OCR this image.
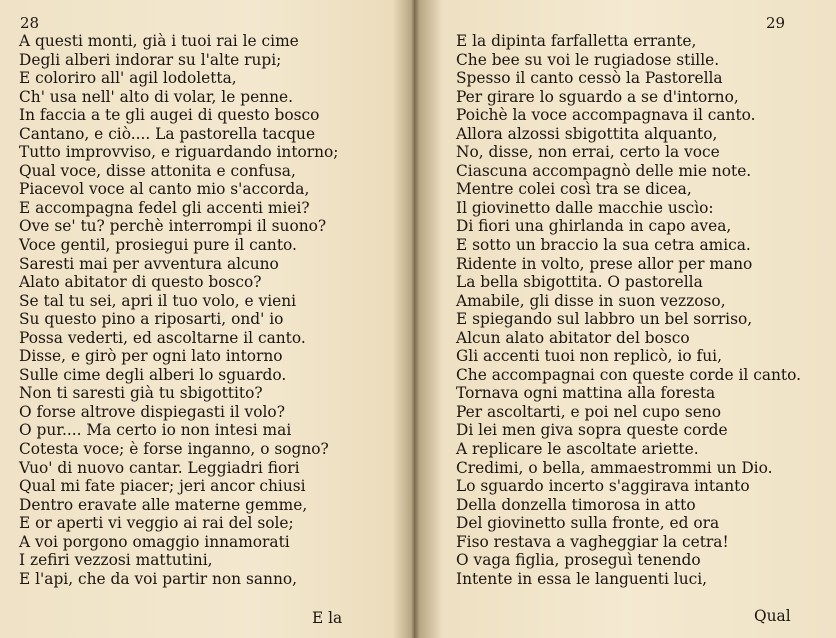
28
A questi monti, già i tuoi rai le cime
Degli alberi indorar su l'alte rupi;
E coloriro all' agil lodoletta,
Ch' usa nell' alto di volar, le penne.
In faccia a te gli augei di questo bosco
Cantano, e ciò.... La pastorella tacque
Tutto improvviso, e riguardando intorno;
Qual voce, disse attonita e confusa,
Piacevol voce al canto mio s'accorda,
E accompagna fedel gli accenti miei?
Ove se' tu? perchè interrompi il suono?
Voce gentil, prosiegui pure il canto.
Saresti mai per avventura alcuno
Alato abitator di questo bosco?
Se tal tu sei, apri il tuo volo, e vieni
Su questo pino a riposarti, ond' io
Possa vederti, ed ascoltarne il canto.
Disse, e girò per ogni lato intorno
Sulle cime degli alberi lo sguardo.
Non ti saresti già tu sbigottito?
O forse altrove dispiegasti il volo?
O pur.... Ma certo io non intesi mai
Cotesta voce; è forse inganno, o sogno?
Vuo' di nuovo cantar. Leggiadri fiori
Qual mi fate piacer; jeri ancor chiusi
Dentro eravate alle materne gemme,
E or aperti vi veggio ai rai del sole;
A voi porgono omaggio innamorati
I zefiri vezzosi mattutini,
E l'api, che da voi partir non sanno,
E la
29
E la dipinta farfalletta errante,
Che bee su voi le rugiadose stille.
Spesso il canto cessò la Pastorella
Per girare lo sguardo a se d'intorno,
Poichè la voce accompagnava il canto.
Allora alzossi sbigottita alquanto,
No, disse, non errai, certo la voce
Ciascuna accompagnò delle mie note.
Mentre colei così tra se dicea,
Il giovinetto dalle macchie uscìo:
Di fiori una ghirlanda in capo avea,
E sotto un braccio la sua cetra amica.
Ridente in volto, prese allor per mano
La bella sbigottita. O pastorella
Amabile, gli disse in suon vezzoso,
E spiegando sul labbro un bel sorriso,
Alcun alato abitator del bosco
Gli accenti tuoi non replicò, io fui,
Che accompagnai con queste corde il canto.
Tornava ogni mattina alla foresta
Per ascoltarti, e poi nel cupo seno
Di lei men giva sopra queste corde
A replicare le ascoltate ariette.
Credimi, o bella, ammaestrommi un Dio.
Lo sguardo incerto s'aggirava intanto
Della donzella timorosa in atto
Del giovinetto sulla fronte, ed ora
Fiso restava a vagheggiar la cetra!
O vaga figlia, proseguì tenendo
Intente in essa le languenti luci,
Qual
